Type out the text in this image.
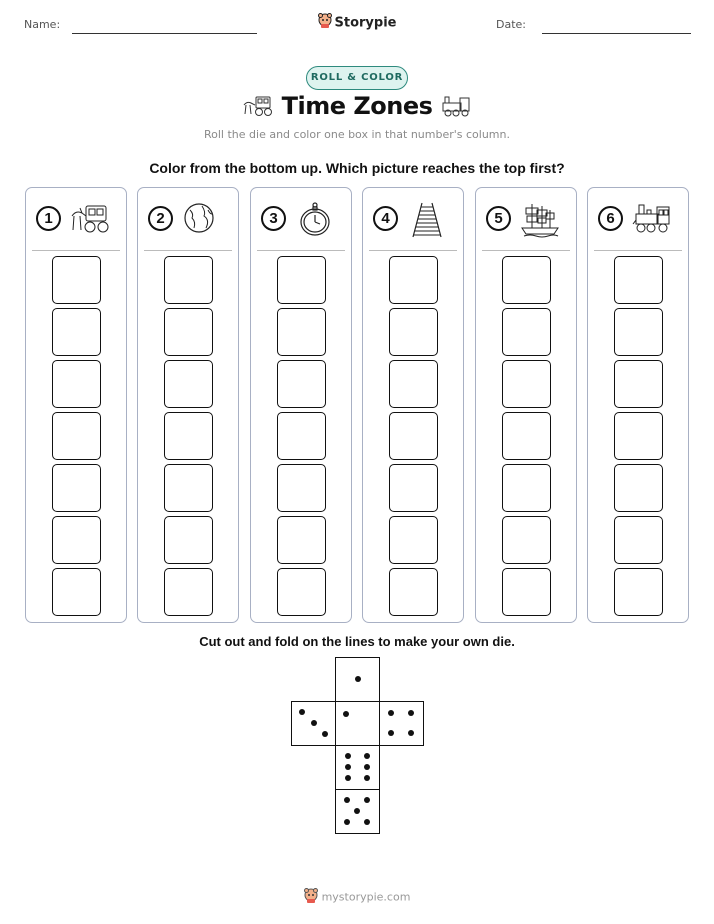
Name:	Storypie	Date:
ROLL & COLOR
Time Zones
Roll the die and color one box in that number's column.
Color from the bottom up. Which picture reaches the top first?
1	2	3	4	5	6
Cut out and fold on the lines to make your own die.
mystorypie.com
